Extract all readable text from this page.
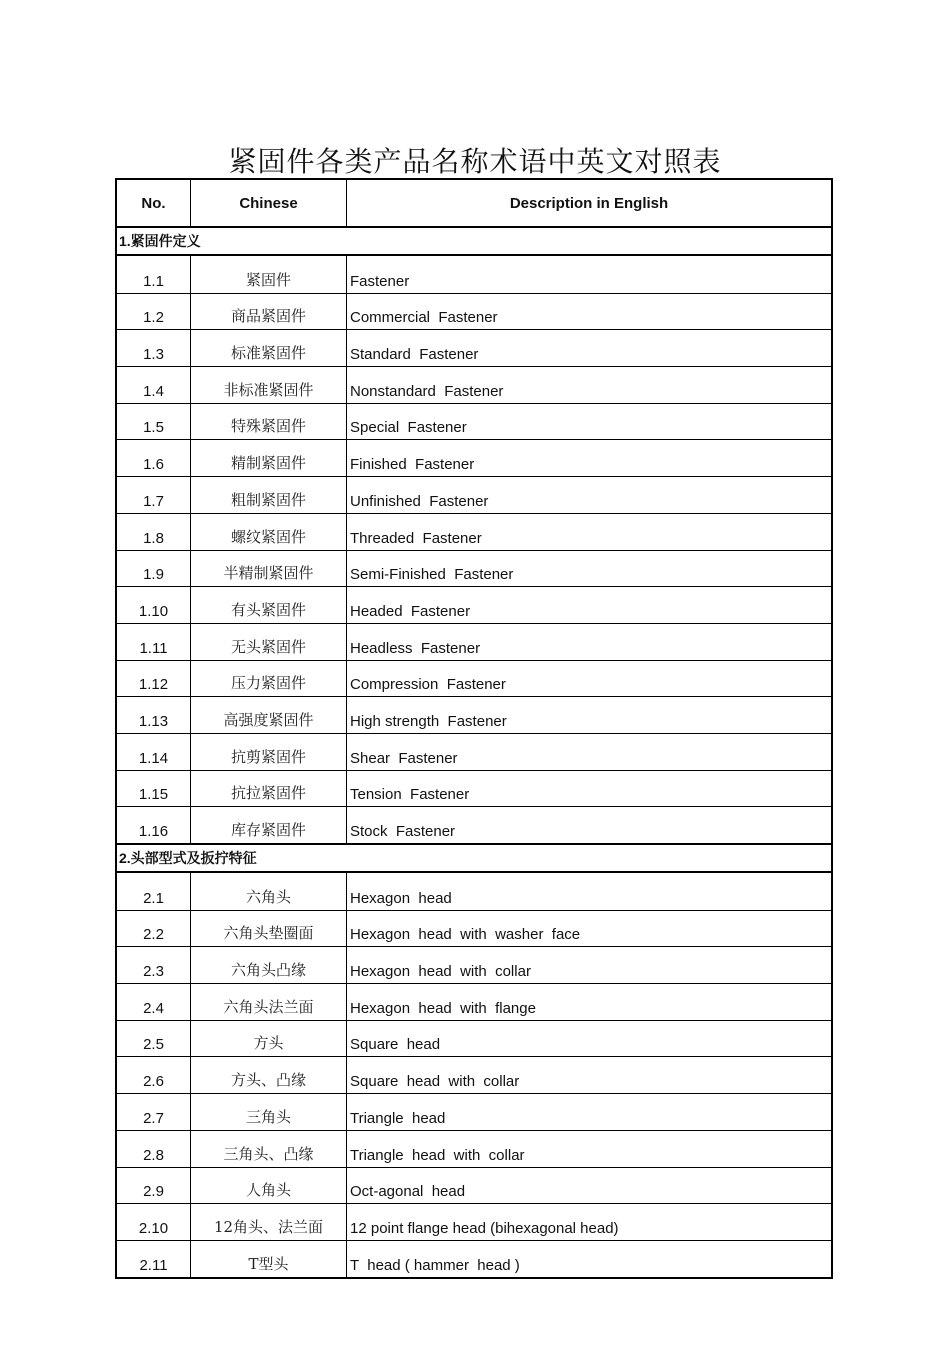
紧固件各类产品名称术语中英文对照表
No.	Chinese	Description in English
1.紧固件定义
1.1	紧固件	Fastener
1.2	商品紧固件	Commercial  Fastener
1.3	标准紧固件	Standard  Fastener
1.4	非标准紧固件	Nonstandard  Fastener
1.5	特殊紧固件	Special  Fastener
1.6	精制紧固件	Finished  Fastener
1.7	粗制紧固件	Unfinished  Fastener
1.8	螺纹紧固件	Threaded  Fastener
1.9	半精制紧固件	Semi-Finished  Fastener
1.10	有头紧固件	Headed  Fastener
1.11	无头紧固件	Headless  Fastener
1.12	压力紧固件	Compression  Fastener
1.13	高强度紧固件	High strength  Fastener
1.14	抗剪紧固件	Shear  Fastener
1.15	抗拉紧固件	Tension  Fastener
1.16	库存紧固件	Stock  Fastener
2.头部型式及扳拧特征
2.1	六角头	Hexagon  head
2.2	六角头垫圈面	Hexagon  head  with  washer  face
2.3	六角头凸缘	Hexagon  head  with  collar
2.4	六角头法兰面	Hexagon  head  with  flange
2.5	方头	Square  head
2.6	方头、凸缘	Square  head  with  collar
2.7	三角头	Triangle  head
2.8	三角头、凸缘	Triangle  head  with  collar
2.9	人角头	Oct-agonal  head
2.10	12角头、法兰面	12 point flange head (bihexagonal head)
2.11	T型头	T  head ( hammer  head )
